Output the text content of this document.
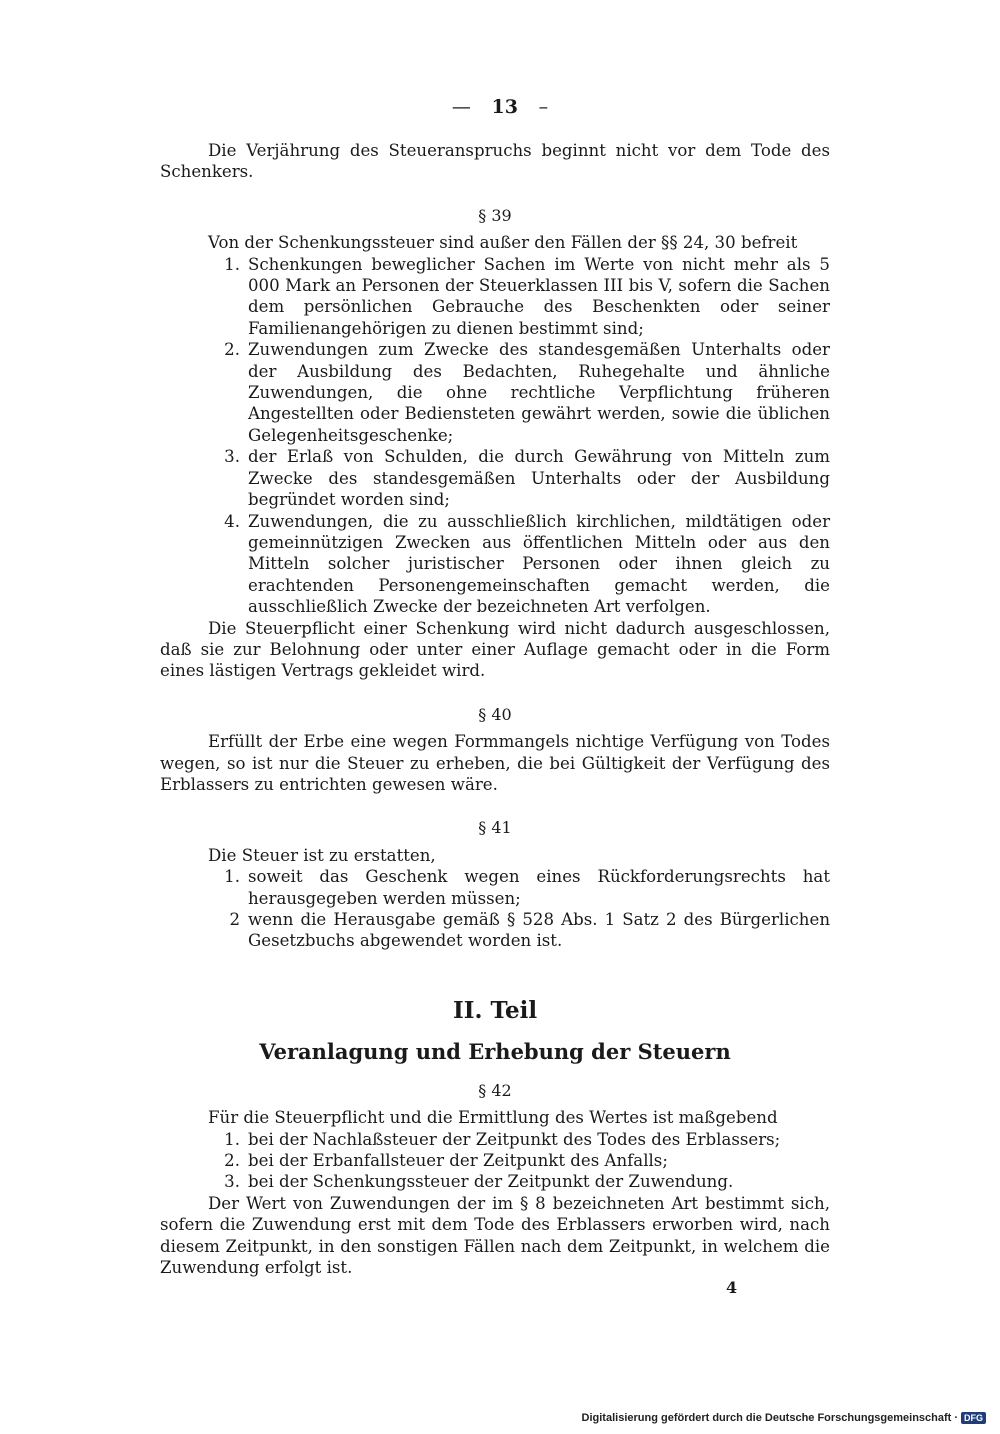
— 13 –

Die Verjährung des Steueranspruchs beginnt nicht vor dem Tode des Schenkers.

§ 39

Von der Schenkungssteuer sind außer den Fällen der §§ 24, 30 befreit

1. Schenkungen beweglicher Sachen im Werte von nicht mehr als 5 000 Mark an Personen der Steuerklassen III bis V, sofern die Sachen dem persönlichen Gebrauche des Beschenkten oder seiner Familienangehörigen zu dienen bestimmt sind;
2. Zuwendungen zum Zwecke des standesgemäßen Unterhalts oder der Ausbildung des Bedachten, Ruhegehalte und ähnliche Zuwendungen, die ohne rechtliche Verpflichtung früheren Angestellten oder Bediensteten gewährt werden, sowie die üblichen Gelegenheitsgeschenke;
3. der Erlaß von Schulden, die durch Gewährung von Mitteln zum Zwecke des standesgemäßen Unterhalts oder der Ausbildung begründet worden sind;
4. Zuwendungen, die zu ausschließlich kirchlichen, mildtätigen oder gemeinnützigen Zwecken aus öffentlichen Mitteln oder aus den Mitteln solcher juristischer Personen oder ihnen gleich zu erachtenden Personengemeinschaften gemacht werden, die ausschließlich Zwecke der bezeichneten Art verfolgen.

Die Steuerpflicht einer Schenkung wird nicht dadurch ausgeschlossen, daß sie zur Belohnung oder unter einer Auflage gemacht oder in die Form eines lästigen Vertrags gekleidet wird.

§ 40

Erfüllt der Erbe eine wegen Formmangels nichtige Verfügung von Todes wegen, so ist nur die Steuer zu erheben, die bei Gültigkeit der Verfügung des Erblassers zu entrichten gewesen wäre.

§ 41

Die Steuer ist zu erstatten,

1. soweit das Geschenk wegen eines Rückforderungsrechts hat herausgegeben werden müssen;
2 wenn die Herausgabe gemäß § 528 Abs. 1 Satz 2 des Bürgerlichen Gesetzbuchs abgewendet worden ist.
II. Teil
Veranlagung und Erhebung der Steuern
§ 42

Für die Steuerpflicht und die Ermittlung des Wertes ist maßgebend

1. bei der Nachlaßsteuer der Zeitpunkt des Todes des Erblassers;
2. bei der Erbanfallsteuer der Zeitpunkt des Anfalls;
3. bei der Schenkungssteuer der Zeitpunkt der Zuwendung.

Der Wert von Zuwendungen der im § 8 bezeichneten Art bestimmt sich, sofern die Zuwendung erst mit dem Tode des Erblassers erworben wird, nach diesem Zeitpunkt, in den sonstigen Fällen nach dem Zeitpunkt, in welchem die Zuwendung erfolgt ist.

4
Digitalisierung gefördert durch die Deutsche Forschungsgemeinschaft · DFG
